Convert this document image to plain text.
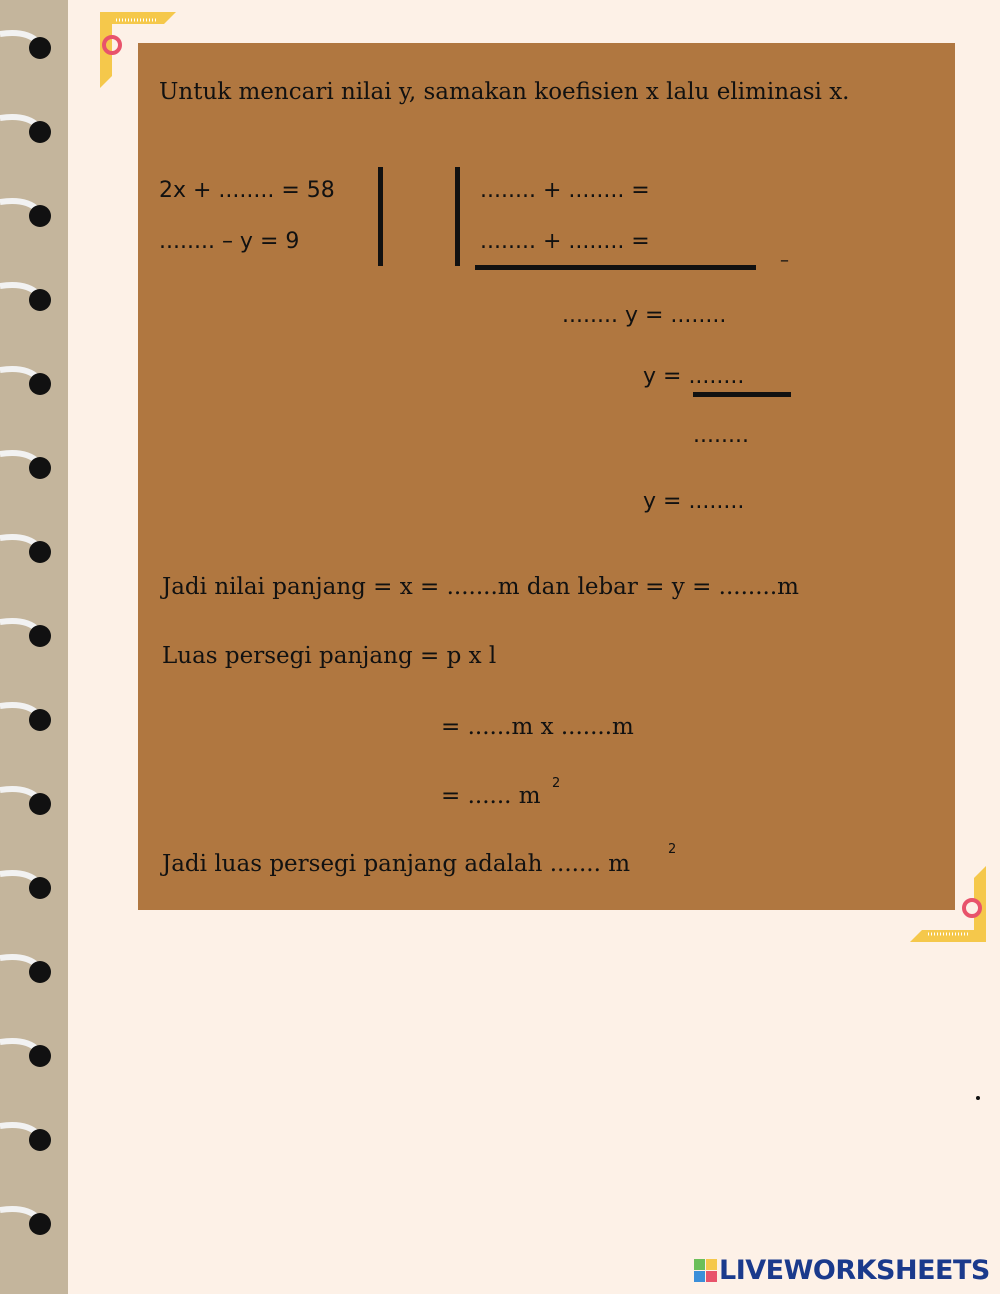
Untuk mencari nilai y, samakan koefisien x lalu eliminasi x.
2x + ........ = 58
........ – y = 9
........ + ........ =
........ + ........ =
–
........ y = ........
y = ........
........
y = ........
Jadi nilai panjang = x = .......m dan lebar = y = ........m
Luas persegi panjang = p x l
= ......m x .......m
= ...... m 2
Jadi luas persegi panjang adalah ....... m
2
LIVEWORKSHEETS
